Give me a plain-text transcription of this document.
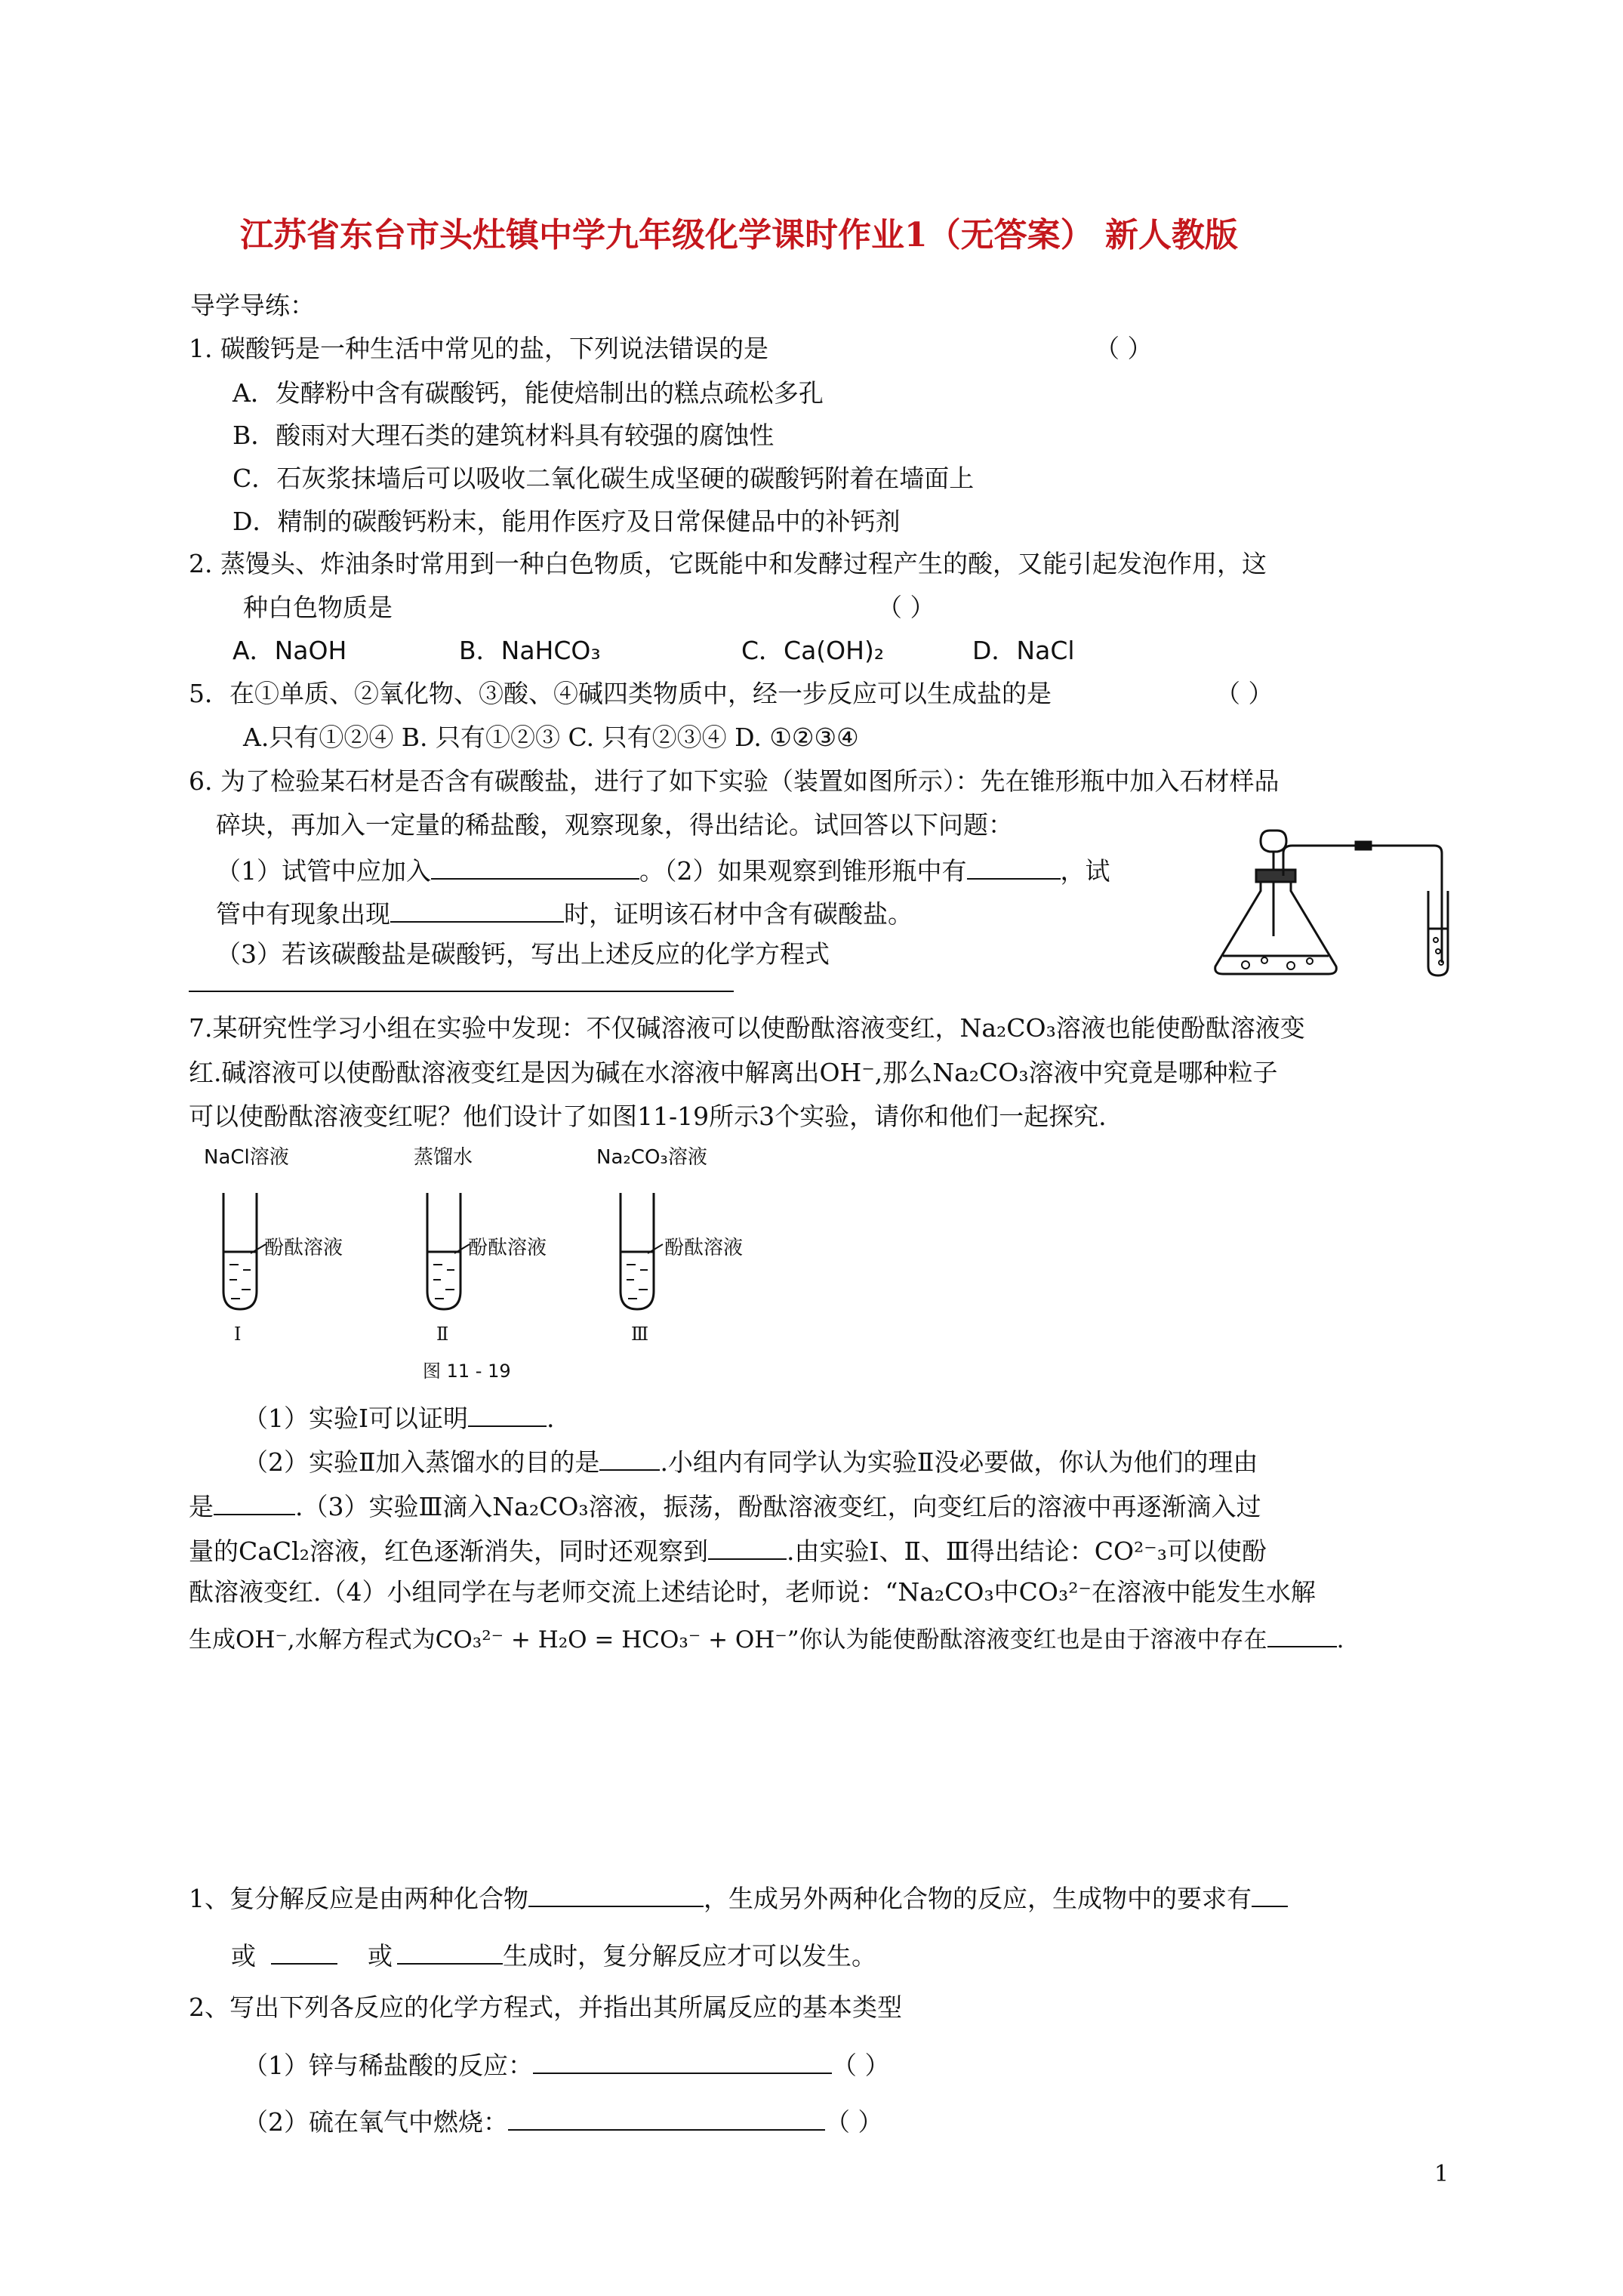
江苏省东台市头灶镇中学九年级化学课时作业1（无答案） 新人教版
导学导练：
1. 碳酸钙是一种生活中常见的盐，下列说法错误的是	（ ）
A．发酵粉中含有碳酸钙，能使焙制出的糕点疏松多孔
B．酸雨对大理石类的建筑材料具有较强的腐蚀性
C．石灰浆抹墙后可以吸收二氧化碳生成坚硬的碳酸钙附着在墙面上
D．精制的碳酸钙粉末，能用作医疗及日常保健品中的补钙剂
2. 蒸馒头、炸油条时常用到一种白色物质，它既能中和发酵过程产生的酸，又能引起发泡作用，这
种白色物质是	（ ）
A．NaOH	B．NaHCO₃	C．Ca(OH)₂	D．NaCl
5．在①单质、②氧化物、③酸、④碱四类物质中，经一步反应可以生成盐的是	（ ）
A.只有①②④ B. 只有①②③ C. 只有②③④ D. ①②③④
6. 为了检验某石材是否含有碳酸盐，进行了如下实验（装置如图所示）：先在锥形瓶中加入石材样品
碎块，再加入一定量的稀盐酸，观察现象，得出结论。试回答以下问题：
（1）试管中应加入	。（2）如果观察到锥形瓶中有	，试
管中有现象出现	时，证明该石材中含有碳酸盐。
（3）若该碳酸盐是碳酸钙，写出上述反应的化学方程式
7.某研究性学习小组在实验中发现：不仅碱溶液可以使酚酞溶液变红，Na₂CO₃溶液也能使酚酞溶液变
红.碱溶液可以使酚酞溶液变红是因为碱在水溶液中解离出OH⁻,那么Na₂CO₃溶液中究竟是哪种粒子
可以使酚酞溶液变红呢？他们设计了如图11-19所示3个实验，请你和他们一起探究.
NaCl溶液	蒸馏水	Na₂CO₃溶液
酚酞溶液	酚酞溶液	酚酞溶液
Ⅰ	Ⅱ	Ⅲ
图 11 - 19
（1）实验Ⅰ可以证明	.
（2）实验Ⅱ加入蒸馏水的目的是 .小组内有同学认为实验Ⅱ没必要做，你认为他们的理由
是	.（3）实验Ⅲ滴入Na₂CO₃溶液，振荡，酚酞溶液变红，向变红后的溶液中再逐渐滴入过
量的CaCl₂溶液，红色逐渐消失，同时还观察到	.由实验Ⅰ、Ⅱ、Ⅲ得出结论：CO²⁻₃可以使酚
酞溶液变红.（4）小组同学在与老师交流上述结论时，老师说：“Na₂CO₃中CO₃²⁻在溶液中能发生水解
生成OH⁻,水解方程式为CO₃²⁻ + H₂O = HCO₃⁻ + OH⁻”你认为能使酚酞溶液变红也是由于溶液中存在	.
1、复分解反应是由两种化合物	，生成另外两种化合物的反应，生成物中的要求有
或	或	生成时，复分解反应才可以发生。
2、写出下列各反应的化学方程式，并指出其所属反应的基本类型
（1）锌与稀盐酸的反应：	（ ）
（2）硫在氧气中燃烧：	（ ）
1
